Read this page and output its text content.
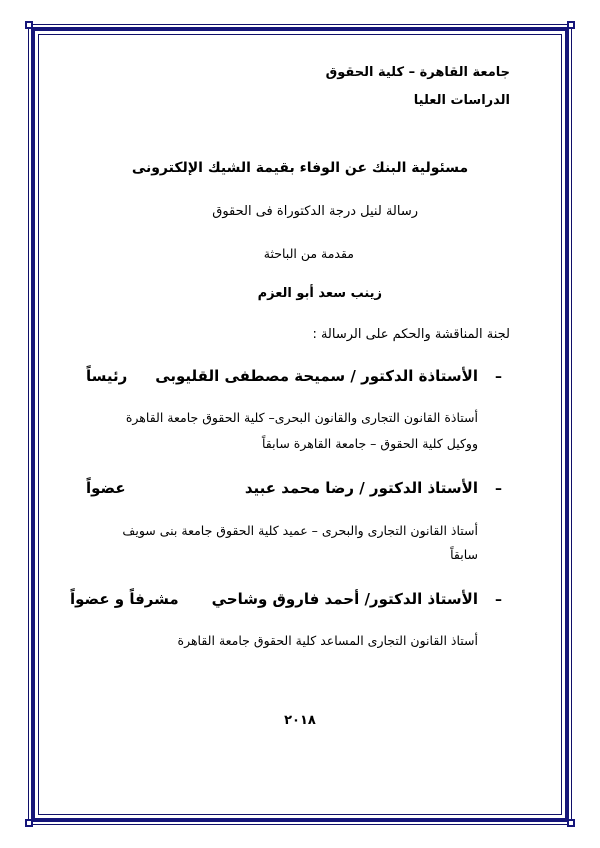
جامعة القاهرة – كلية الحقوق
الدراسات العليا
مسئولية البنك عن الوفاء بقيمة الشيك الإلكترونى
رسالة لنيل درجة الدكتوراة فى الحقوق
مقدمة من الباحثة
زينب سعد أبو العزم
لجنة المناقشة والحكم على الرسالة :
–
الأستاذة الدكتور / سميحة مصطفى القليوبى
رئيساً
أستاذة القانون التجارى والقانون البحرى– كلية الحقوق جامعة القاهرة
ووكيل كلية الحقوق – جامعة القاهرة سابقاً
–
الأستاذ الدكتور / رضا محمد عبيد
عضواً
أستاذ القانون التجارى والبحرى – عميد كلية الحقوق جامعة بنى سويف
سابقاً
–
الأستاذ الدكتور/ أحمد فاروق وشاحي
مشرفاً و عضواً
أستاذ القانون التجارى المساعد كلية الحقوق جامعة القاهرة
٢٠١٨
